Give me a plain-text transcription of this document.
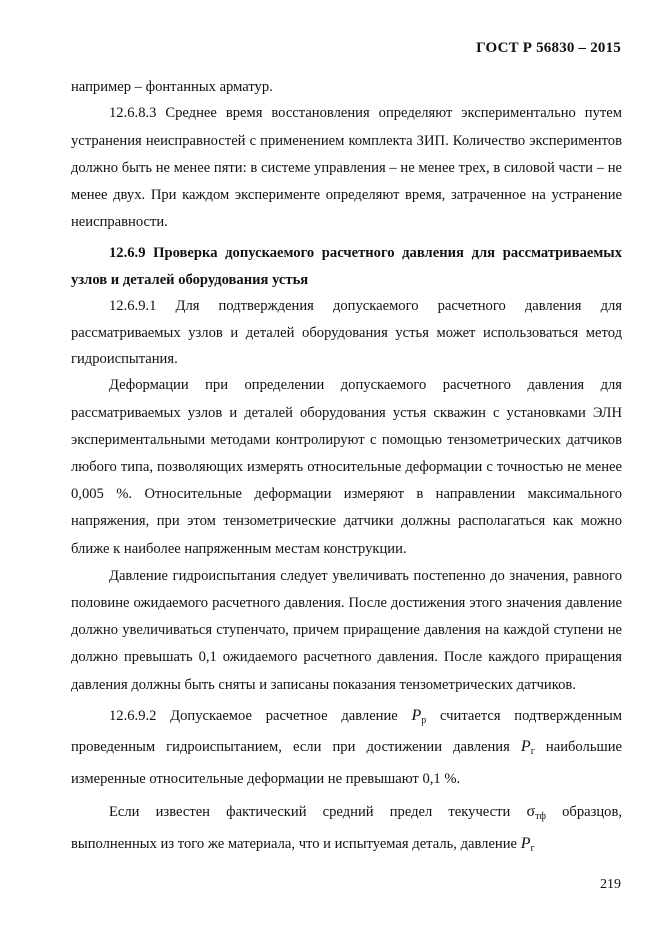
ГОСТ Р 56830 – 2015

например – фонтанных арматур.

12.6.8.3 Среднее время восстановления определяют экспериментально путем устранения неисправностей с применением комплекта ЗИП. Количество экспериментов должно быть не менее пяти: в системе управления – не менее трех, в силовой части – не менее двух. При каждом эксперименте определяют время, затраченное на устранение неисправности.

12.6.9 Проверка допускаемого расчетного давления для рассматриваемых узлов и деталей оборудования устья

12.6.9.1 Для подтверждения допускаемого расчетного давления для рассматриваемых узлов и деталей оборудования устья может использоваться метод гидроиспытания.

Деформации при определении допускаемого расчетного давления для рассматриваемых узлов и деталей оборудования устья скважин с установками ЭЛН экспериментальными методами контролируют с помощью тензометрических датчиков любого типа, позволяющих измерять относительные деформации с точностью не менее 0,005 %. Относительные деформации измеряют в направлении максимального напряжения, при этом тензометрические датчики должны располагаться как можно ближе к наиболее напряженным местам конструкции.

Давление гидроиспытания следует увеличивать постепенно до значения, равного половине ожидаемого расчетного давления. После достижения этого значения давление должно увеличиваться ступенчато, причем приращение давления на каждой ступени не должно превышать 0,1 ожидаемого расчетного давления. После каждого приращения давления должны быть сняты и записаны показания тензометрических датчиков.

12.6.9.2 Допускаемое расчетное давление $P_р$ считается подтвержденным проведенным гидроиспытанием, если при достижении давления $P_г$ наибольшие измеренные относительные деформации не превышают 0,1 %.

Если известен фактический средний предел текучести $\sigma_{тф}$ образцов, выполненных из того же материала, что и испытуемая деталь, давление $P_г$

219
